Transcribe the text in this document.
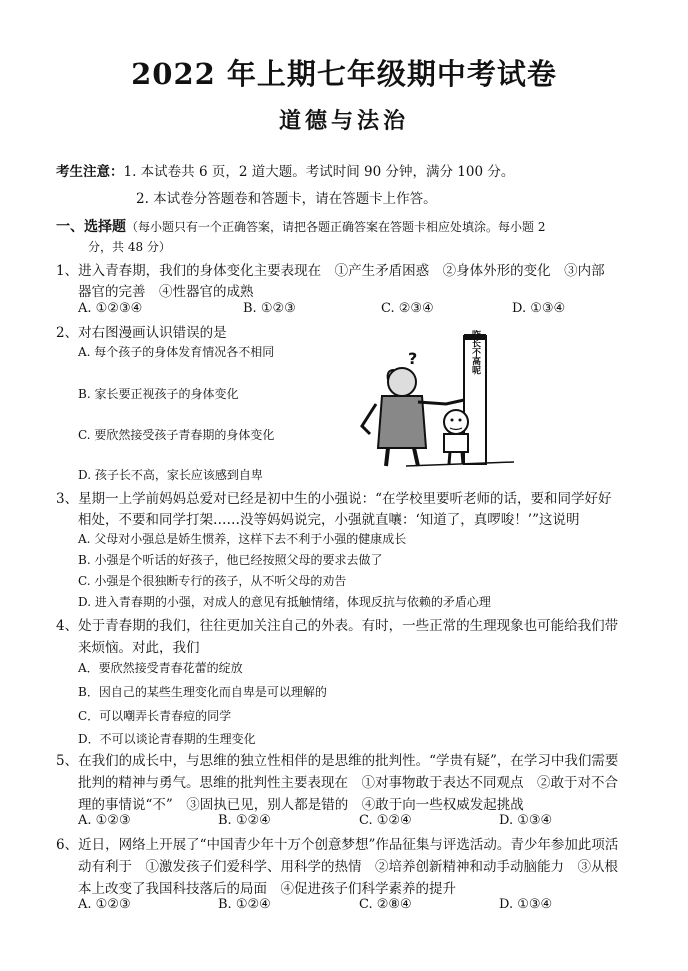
2022 年上期七年级期中考试卷
道德与法治
考生注意：1. 本试卷共 6 页，2 道大题。考试时间 90 分钟，满分 100 分。
2. 本试卷分答题卷和答题卡，请在答题卡上作答。
一、选择题（每小题只有一个正确答案，请把各题正确答案在答题卡相应处填涂。每小题 2
分，共 48 分）
1、进入青春期，我们的身体变化主要表现在　①产生矛盾困惑　②身体外形的变化　③内部
器官的完善　④性器官的成熟
A. ①②③④	B. ①②③	C. ②③④	D. ①③④
2、对右图漫画认识错误的是
A. 每个孩子的身体发育情况各不相同
B. 家长要正视孩子的身体变化
C. 要欣然接受孩子青春期的身体变化
D. 孩子长不高，家长应该感到自卑
咋长不高呢
?
3、星期一上学前妈妈总爱对已经是初中生的小强说：“在学校里要听老师的话，要和同学好好
相处，不要和同学打架……没等妈妈说完，小强就直嚷：‘知道了，真啰唆！’”这说明
A. 父母对小强总是娇生惯养，这样下去不利于小强的健康成长
B. 小强是个听话的好孩子，他已经按照父母的要求去做了
C. 小强是个很独断专行的孩子，从不听父母的劝告
D. 进入青春期的小强，对成人的意见有抵触情绪，体现反抗与依赖的矛盾心理
4、处于青春期的我们，往往更加关注自己的外表。有时，一些正常的生理现象也可能给我们带
来烦恼。对此，我们
A．要欣然接受青春花蕾的绽放
B．因自己的某些生理变化而自卑是可以理解的
C．可以嘲弄长青春痘的同学
D．不可以谈论青春期的生理变化
5、在我们的成长中，与思维的独立性相伴的是思维的批判性。“学贵有疑”，在学习中我们需要
批判的精神与勇气。思维的批判性主要表现在　①对事物敢于表达不同观点　②敢于对不合
理的事情说“不”　③固执已见，别人都是错的　④敢于向一些权威发起挑战
A. ①②③	B. ①②④	C. ①②④	D. ①③④
6、近日，网络上开展了“中国青少年十万个创意梦想”作品征集与评选活动。青少年参加此项活
动有利于　①激发孩子们爱科学、用科学的热情　②培养创新精神和动手动脑能力　③从根
本上改变了我国科技落后的局面　④促进孩子们科学素养的提升
A. ①②③	B. ①②④	C. ②⑧④	D. ①③④
